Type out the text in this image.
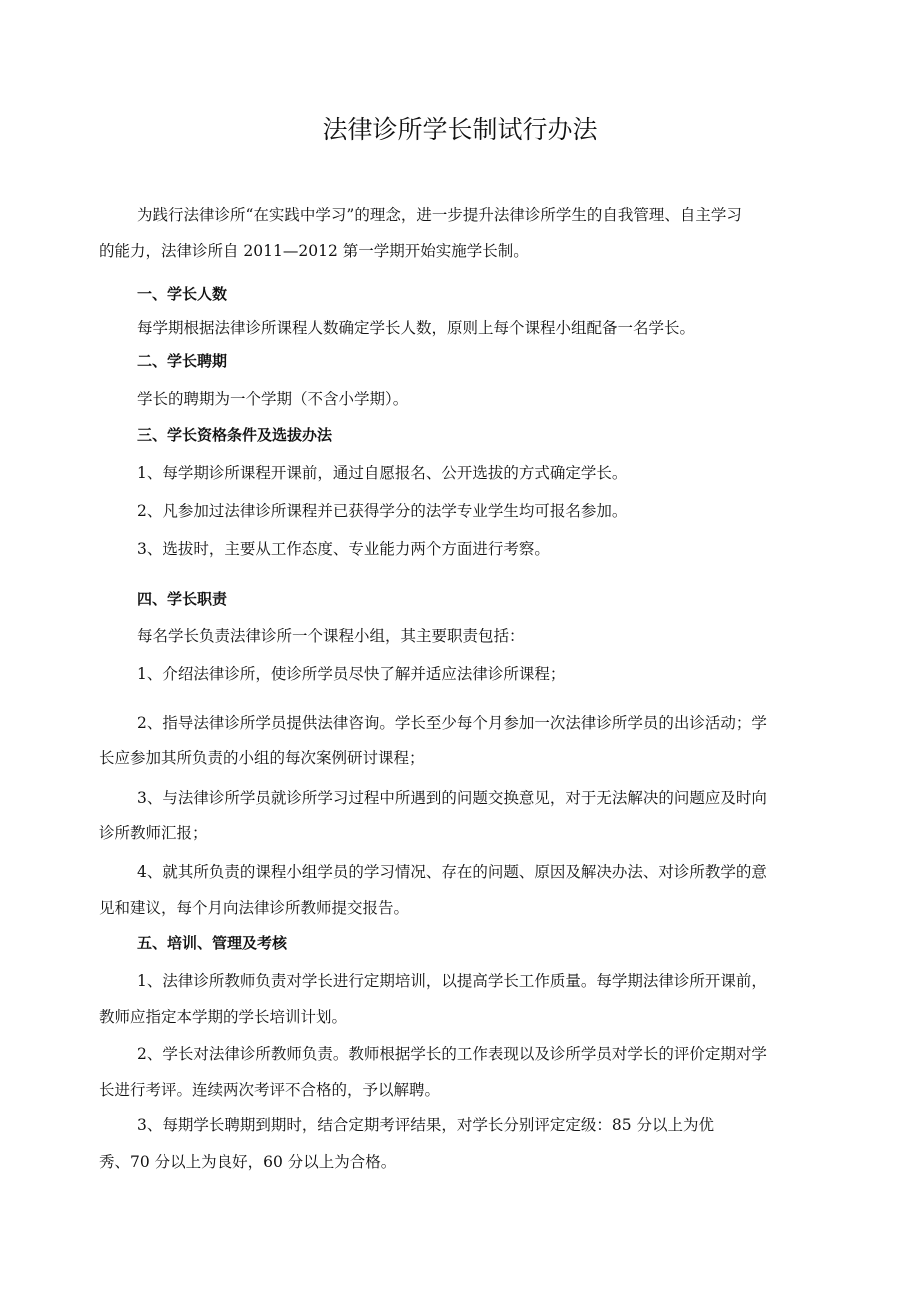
法律诊所学长制试行办法
为践行法律诊所“在实践中学习”的理念，进一步提升法律诊所学生的自我管理、自主学习
的能力，法律诊所自 2011—2012 第一学期开始实施学长制。
一、学长人数
每学期根据法律诊所课程人数确定学长人数，原则上每个课程小组配备一名学长。
二、学长聘期
学长的聘期为一个学期（不含小学期）。
三、学长资格条件及选拔办法
1、每学期诊所课程开课前，通过自愿报名、公开选拔的方式确定学长。
2、凡参加过法律诊所课程并已获得学分的法学专业学生均可报名参加。
3、选拔时，主要从工作态度、专业能力两个方面进行考察。
四、学长职责
每名学长负责法律诊所一个课程小组，其主要职责包括：
1、介绍法律诊所，使诊所学员尽快了解并适应法律诊所课程；
2、指导法律诊所学员提供法律咨询。学长至少每个月参加一次法律诊所学员的出诊活动；学
长应参加其所负责的小组的每次案例研讨课程；
3、与法律诊所学员就诊所学习过程中所遇到的问题交换意见，对于无法解决的问题应及时向
诊所教师汇报；
4、就其所负责的课程小组学员的学习情况、存在的问题、原因及解决办法、对诊所教学的意
见和建议，每个月向法律诊所教师提交报告。
五、培训、管理及考核
1、法律诊所教师负责对学长进行定期培训，以提高学长工作质量。每学期法律诊所开课前，
教师应指定本学期的学长培训计划。
2、学长对法律诊所教师负责。教师根据学长的工作表现以及诊所学员对学长的评价定期对学
长进行考评。连续两次考评不合格的，予以解聘。
3、每期学长聘期到期时，结合定期考评结果，对学长分别评定定级：85 分以上为优
秀、70 分以上为良好，60 分以上为合格。
